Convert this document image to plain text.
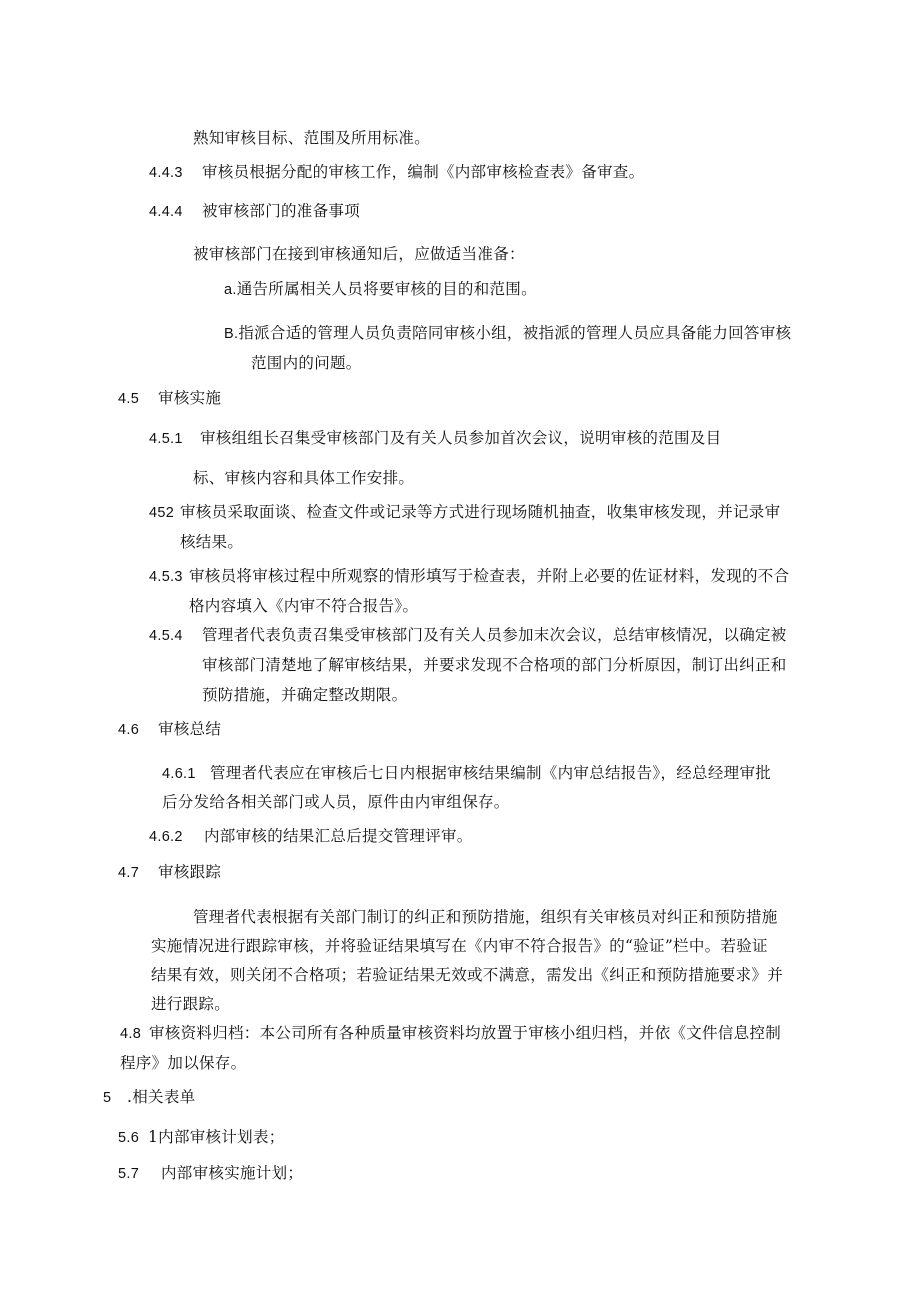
熟知审核目标、范围及所用标准。
4.4.3 审核员根据分配的审核工作，编制《内部审核检查表》备审查。
4.4.4 被审核部门的准备事项
被审核部门在接到审核通知后，应做适当准备：
a.通告所属相关人员将要审核的目的和范围。
B.指派合适的管理人员负责陪同审核小组，被指派的管理人员应具备能力回答审核
范围内的问题。
4.5 审核实施
4.5.1 审核组组长召集受审核部门及有关人员参加首次会议，说明审核的范围及目
标、审核内容和具体工作安排。
452 审核员采取面谈、检查文件或记录等方式进行现场随机抽查，收集审核发现，并记录审
核结果。
4.5.3 审核员将审核过程中所观察的情形填写于检查表，并附上必要的佐证材料，发现的不合
格内容填入《内审不符合报告》。
4.5.4 管理者代表负责召集受审核部门及有关人员参加末次会议，总结审核情况，以确定被
审核部门清楚地了解审核结果，并要求发现不合格项的部门分析原因，制订出纠正和
预防措施，并确定整改期限。
4.6 审核总结
4.6.1 管理者代表应在审核后七日内根据审核结果编制《内审总结报告》，经总经理审批
后分发给各相关部门或人员，原件由内审组保存。
4.6.2 内部审核的结果汇总后提交管理评审。
4.7 审核跟踪
管理者代表根据有关部门制订的纠正和预防措施，组织有关审核员对纠正和预防措施
实施情况进行跟踪审核，并将验证结果填写在《内审不符合报告》的“验证”栏中。若验证
结果有效，则关闭不合格项；若验证结果无效或不满意，需发出《纠正和预防措施要求》并
进行跟踪。
4.8 审核资料归档：本公司所有各种质量审核资料均放置于审核小组归档，并依《文件信息控制
程序》加以保存。
5 .相关表单
5.6 1内部审核计划表；
5.7 内部审核实施计划；
